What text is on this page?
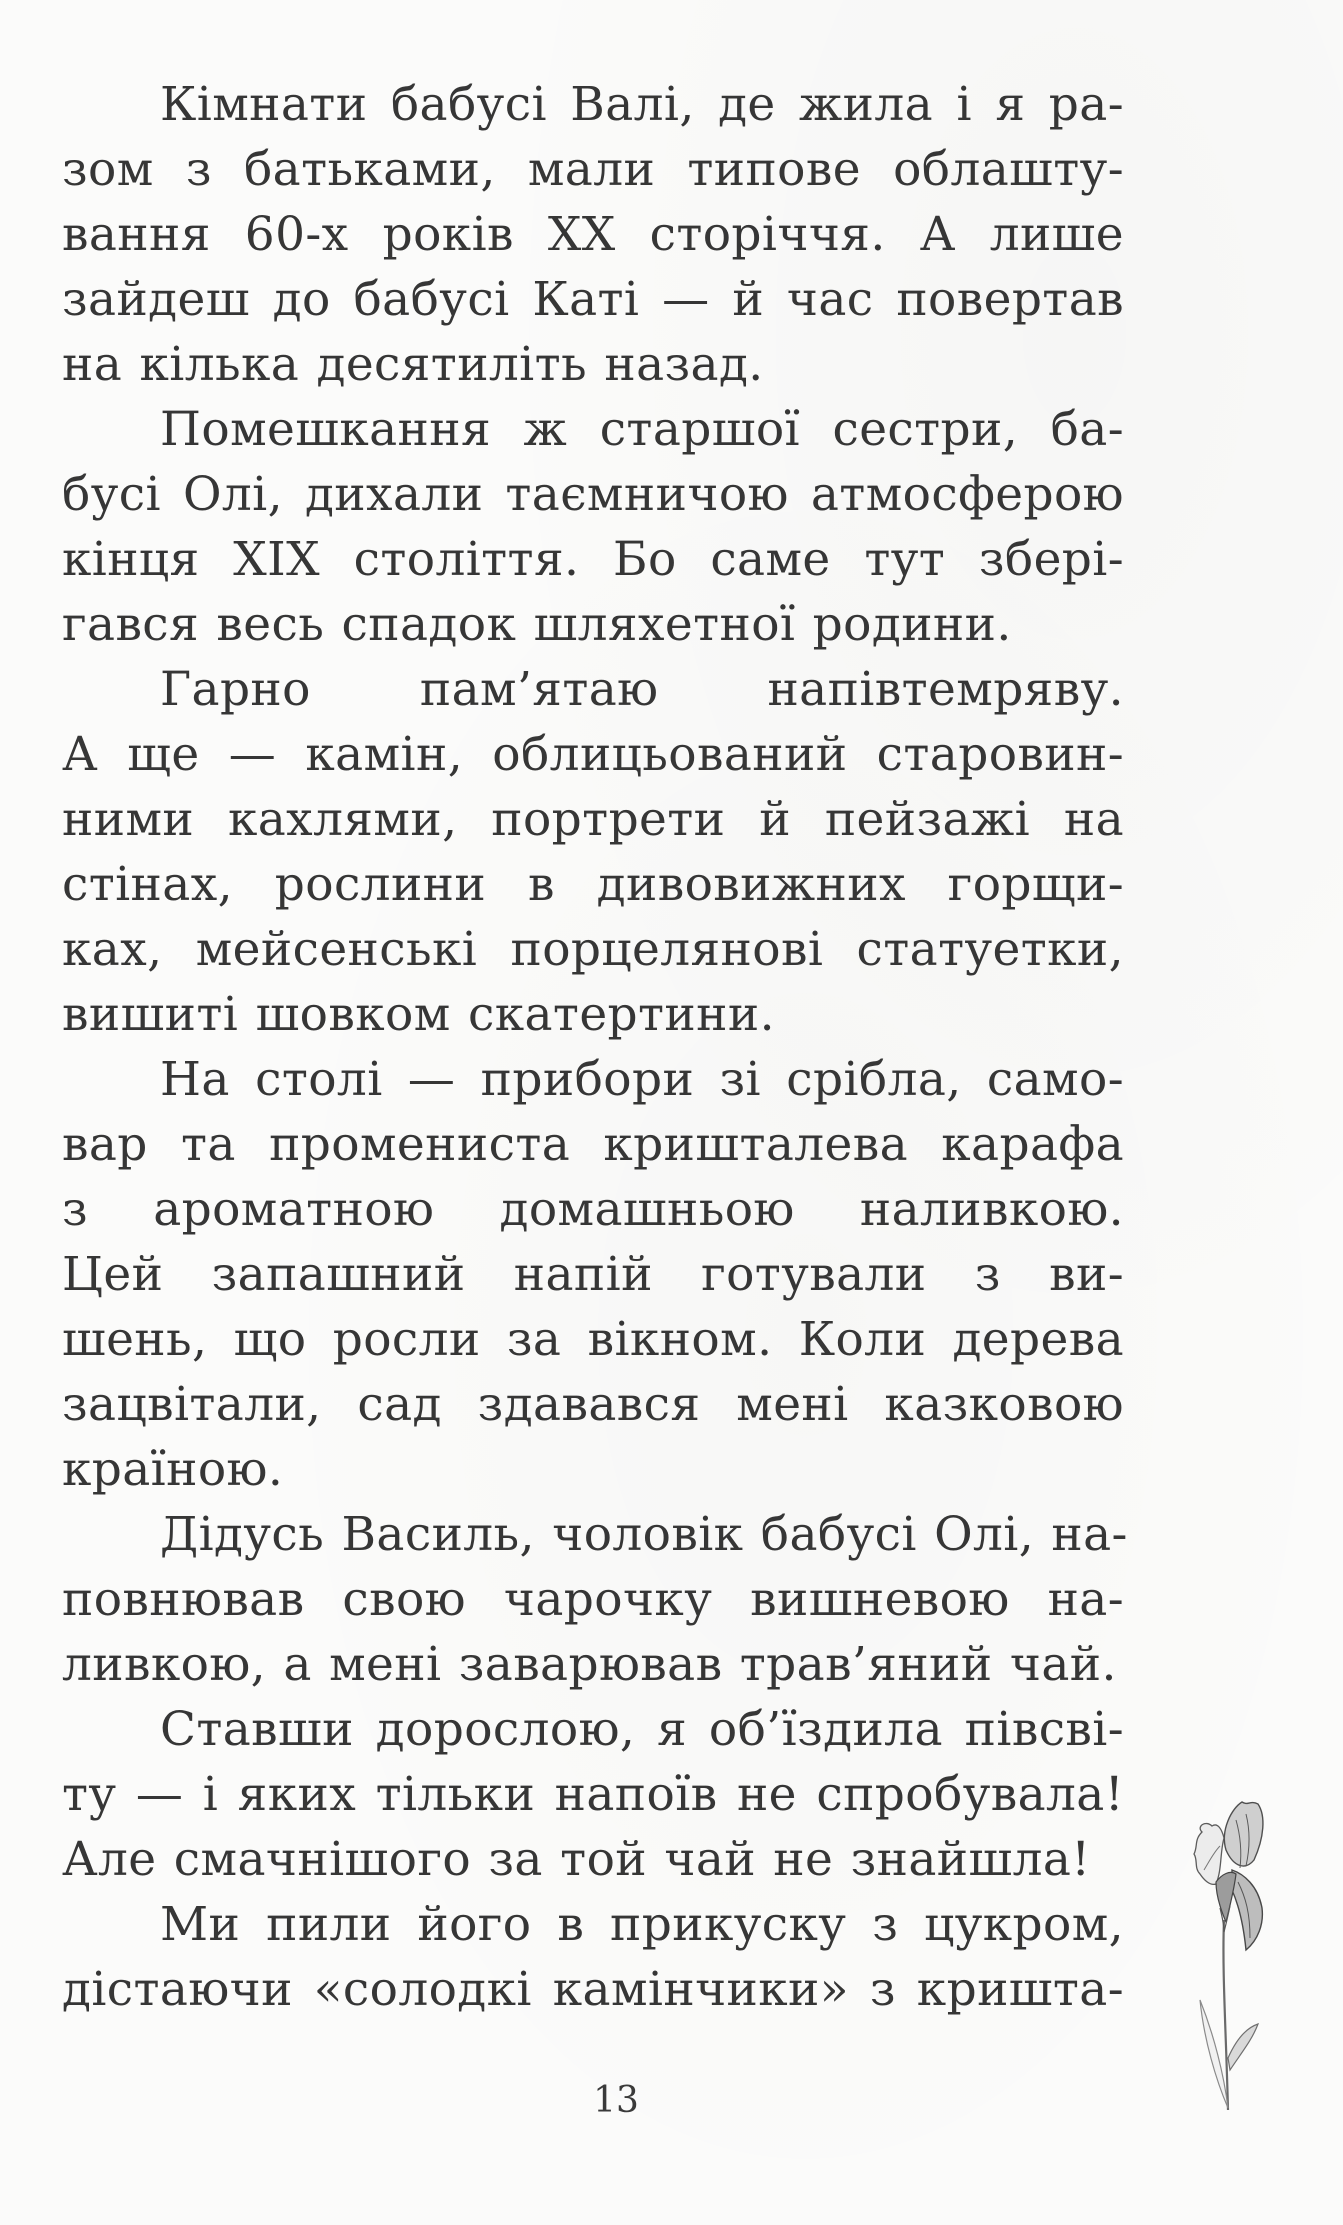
Кімнати бабусі Валі, де жила і я ра-
зом з батьками, мали типове облашту-
вання 60-х років XX сторіччя. А лише
зайдеш до бабусі Каті — й час повертав
на кілька десятиліть назад.
Помешкання ж старшої сестри, ба-
бусі Олі, дихали таємничою атмосферою
кінця XIX століття. Бо саме тут збері-
гався весь спадок шляхетної родини.
Гарно пам’ятаю напівтемряву.
А ще — камін, облицьований старовин-
ними кахлями, портрети й пейзажі на
стінах, рослини в дивовижних горщи-
ках, мейсенські порцелянові статуетки,
вишиті шовком скатертини.
На столі — прибори зі срібла, само-
вар та промениста кришталева карафа
з ароматною домашньою наливкою.
Цей запашний напій готували з ви-
шень, що росли за вікном. Коли дерева
зацвітали, сад здавався мені казковою
країною.
Дідусь Василь, чоловік бабусі Олі, на-
повнював свою чарочку вишневою на-
ливкою, а мені заварював трав’яний чай.
Ставши дорослою, я об’їздила півсві-
ту — і яких тільки напоїв не спробувала!
Але смачнішого за той чай не знайшла!
Ми пили його в прикуску з цукром,
дістаючи «солодкі камінчики» з кришта-
13
